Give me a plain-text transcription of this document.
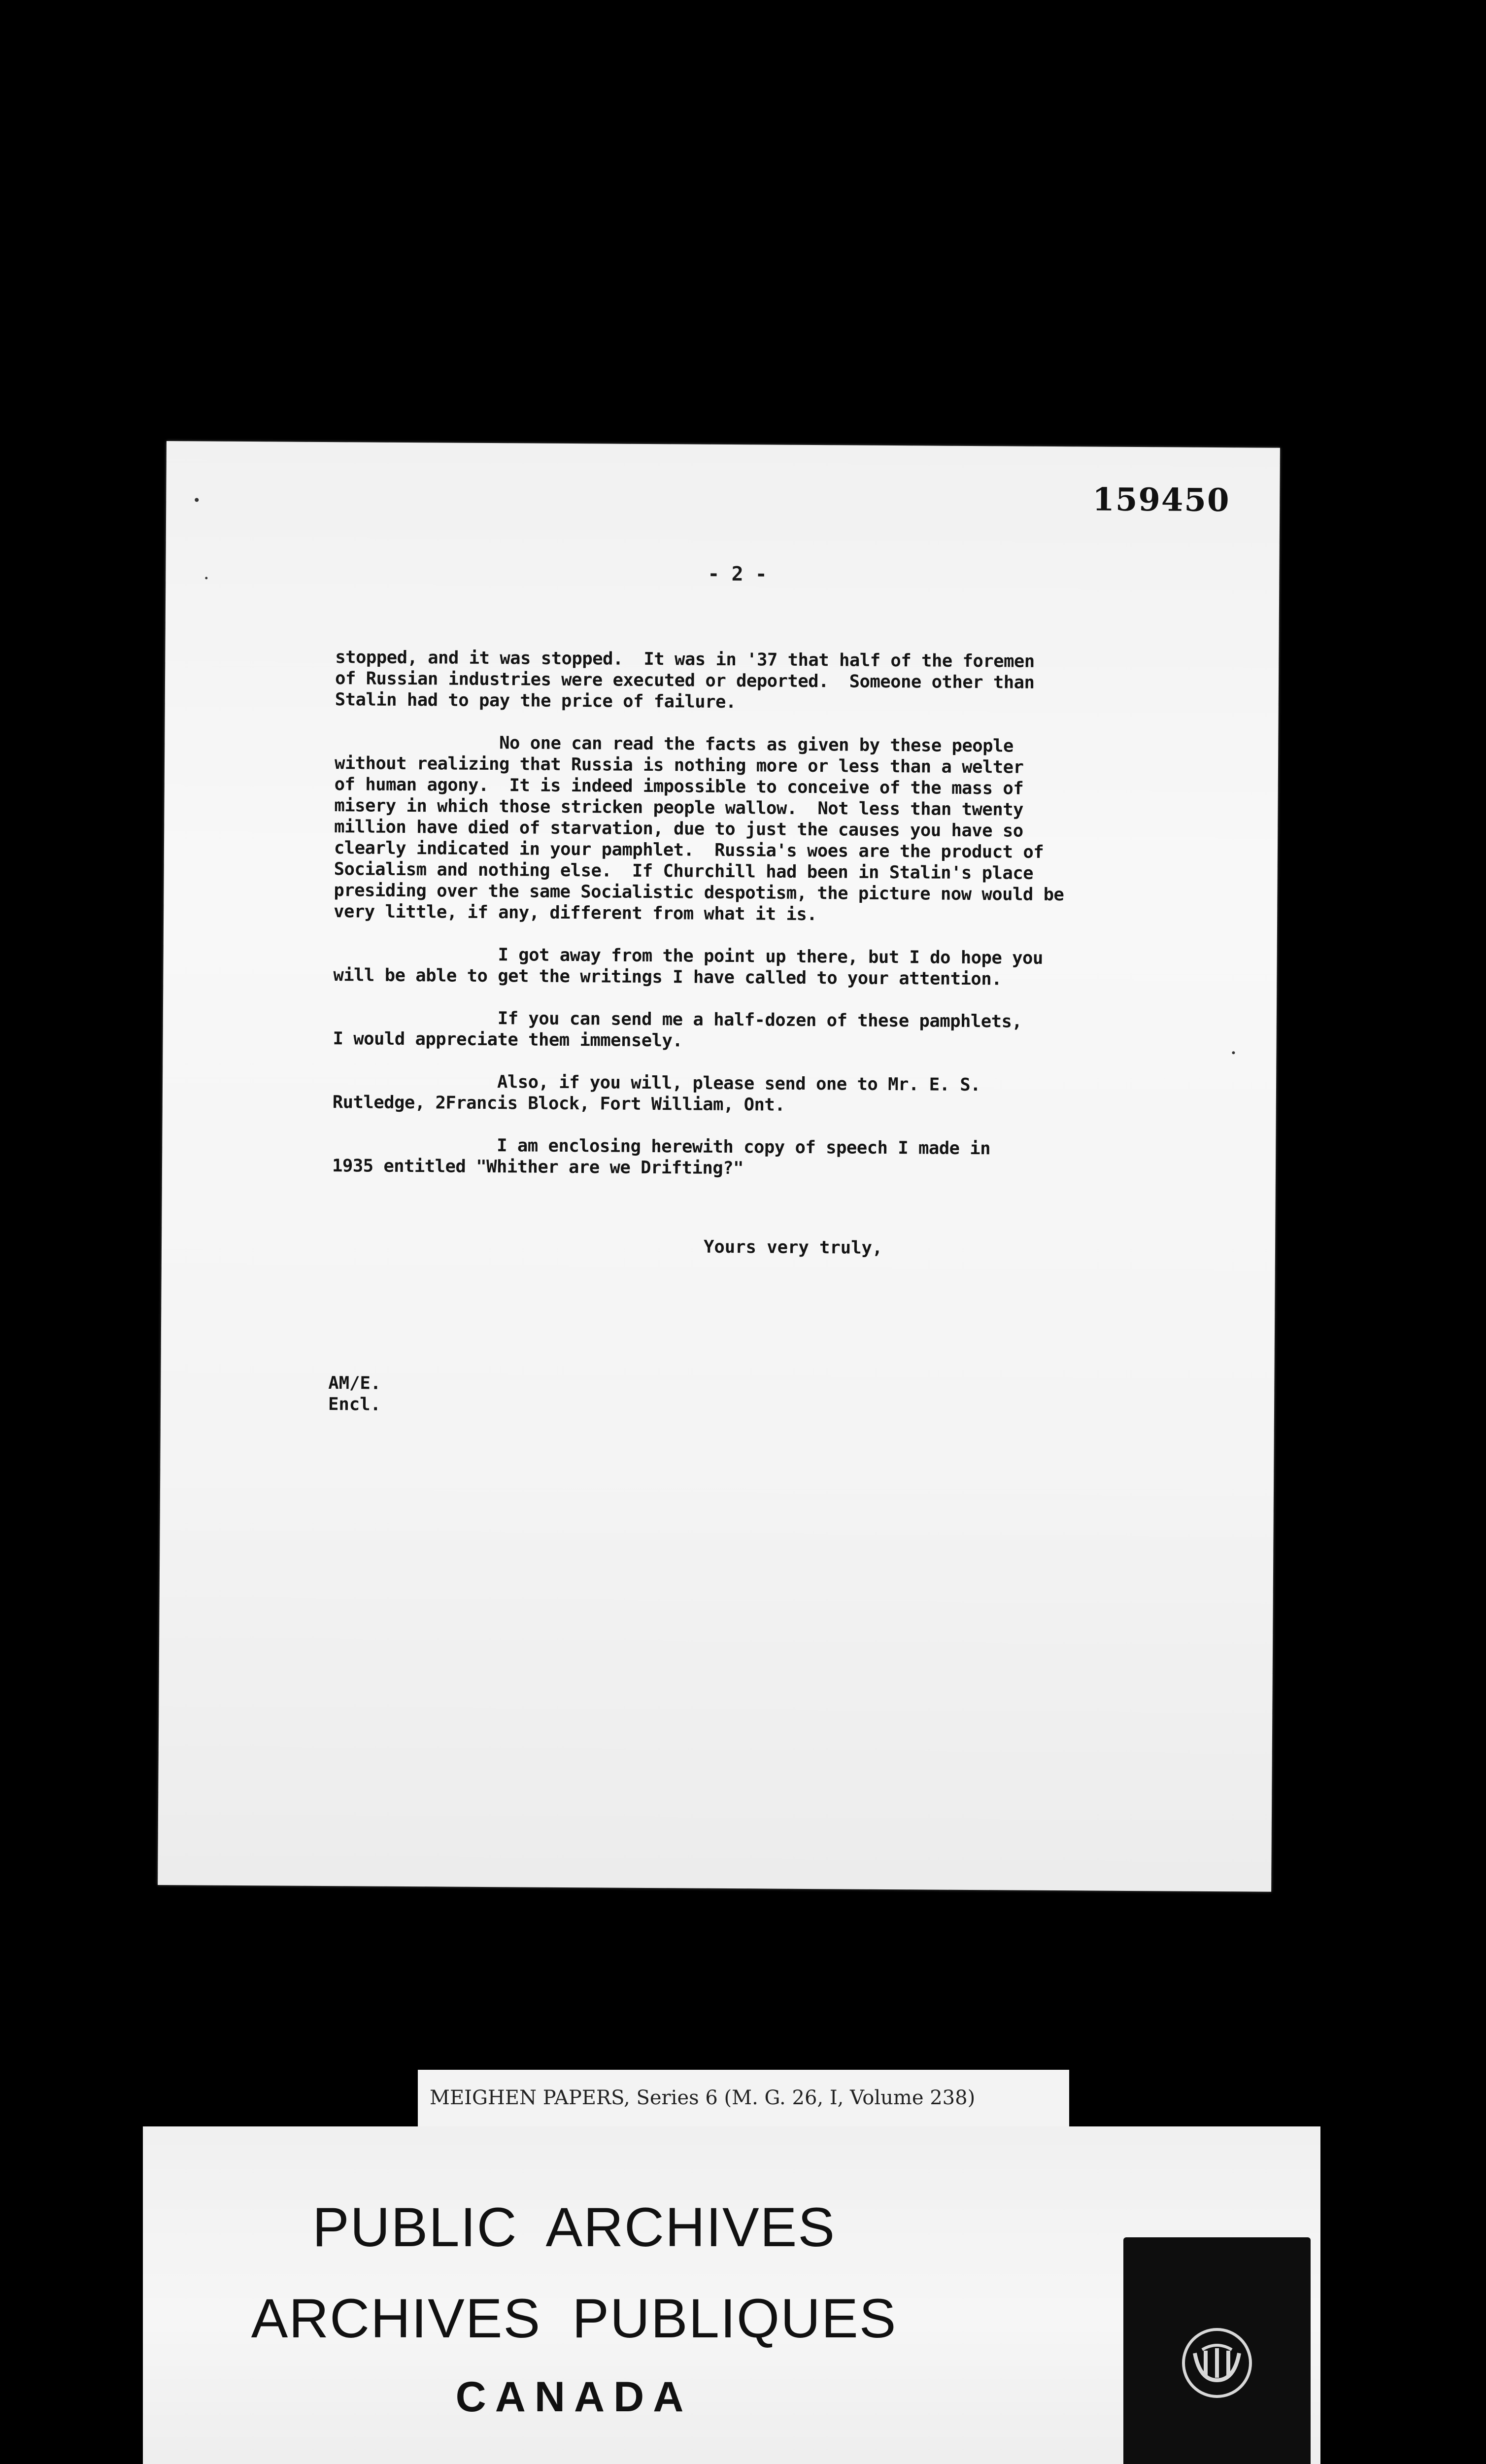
159450
- 2 -
stopped, and it was stopped.  It was in '37 that half of the foremen
of Russian industries were executed or deported.  Someone other than
Stalin had to pay the price of failure.
No one can read the facts as given by these people
without realizing that Russia is nothing more or less than a welter
of human agony.  It is indeed impossible to conceive of the mass of
misery in which those stricken people wallow.  Not less than twenty
million have died of starvation, due to just the causes you have so
clearly indicated in your pamphlet.  Russia's woes are the product of
Socialism and nothing else.  If Churchill had been in Stalin's place
presiding over the same Socialistic despotism, the picture now would be
very little, if any, different from what it is.
I got away from the point up there, but I do hope you
will be able to get the writings I have called to your attention.
If you can send me a half-dozen of these pamphlets,
I would appreciate them immensely.
Also, if you will, please send one to Mr. E. S.
Rutledge, 2Francis Block, Fort William, Ont.
I am enclosing herewith copy of speech I made in
1935 entitled "Whither are we Drifting?"
Yours very truly,
AM/E.
Encl.
MEIGHEN PAPERS, Series 6 (M. G. 26, I, Volume 238)
PUBLIC ARCHIVES
ARCHIVES PUBLIQUES
CANADA
